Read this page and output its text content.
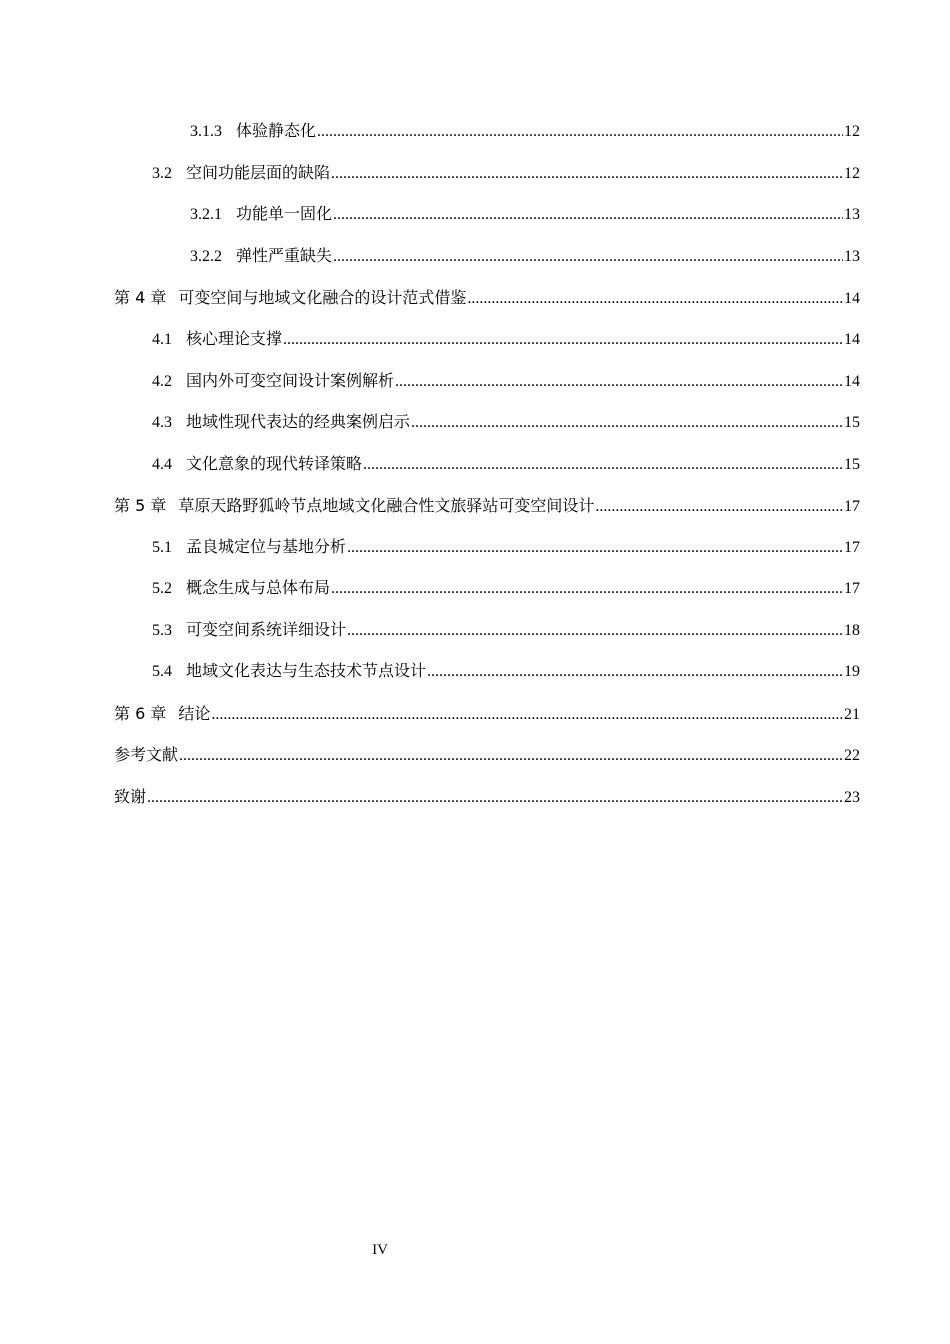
3.1.3 体验静态化 .....	12
3.2 空间功能层面的缺陷 .....	12
3.2.1 功能单一固化 .....	13
3.2.2 弹性严重缺失 .....	13
第 4 章 可变空间与地域文化融合的设计范式借鉴 .....	14
4.1 核心理论支撑 .....	14
4.2 国内外可变空间设计案例解析 .....	14
4.3 地域性现代表达的经典案例启示 .....	15
4.4 文化意象的现代转译策略 .....	15
第 5 章 草原天路野狐岭节点地域文化融合性文旅驿站可变空间设计 .....	17
5.1 孟良城定位与基地分析 .....	17
5.2 概念生成与总体布局 .....	17
5.3 可变空间系统详细设计 .....	18
5.4 地域文化表达与生态技术节点设计 .....	19
第 6 章 结论 .....	21
参考文献 .....	22
致谢 .....	23
IV
